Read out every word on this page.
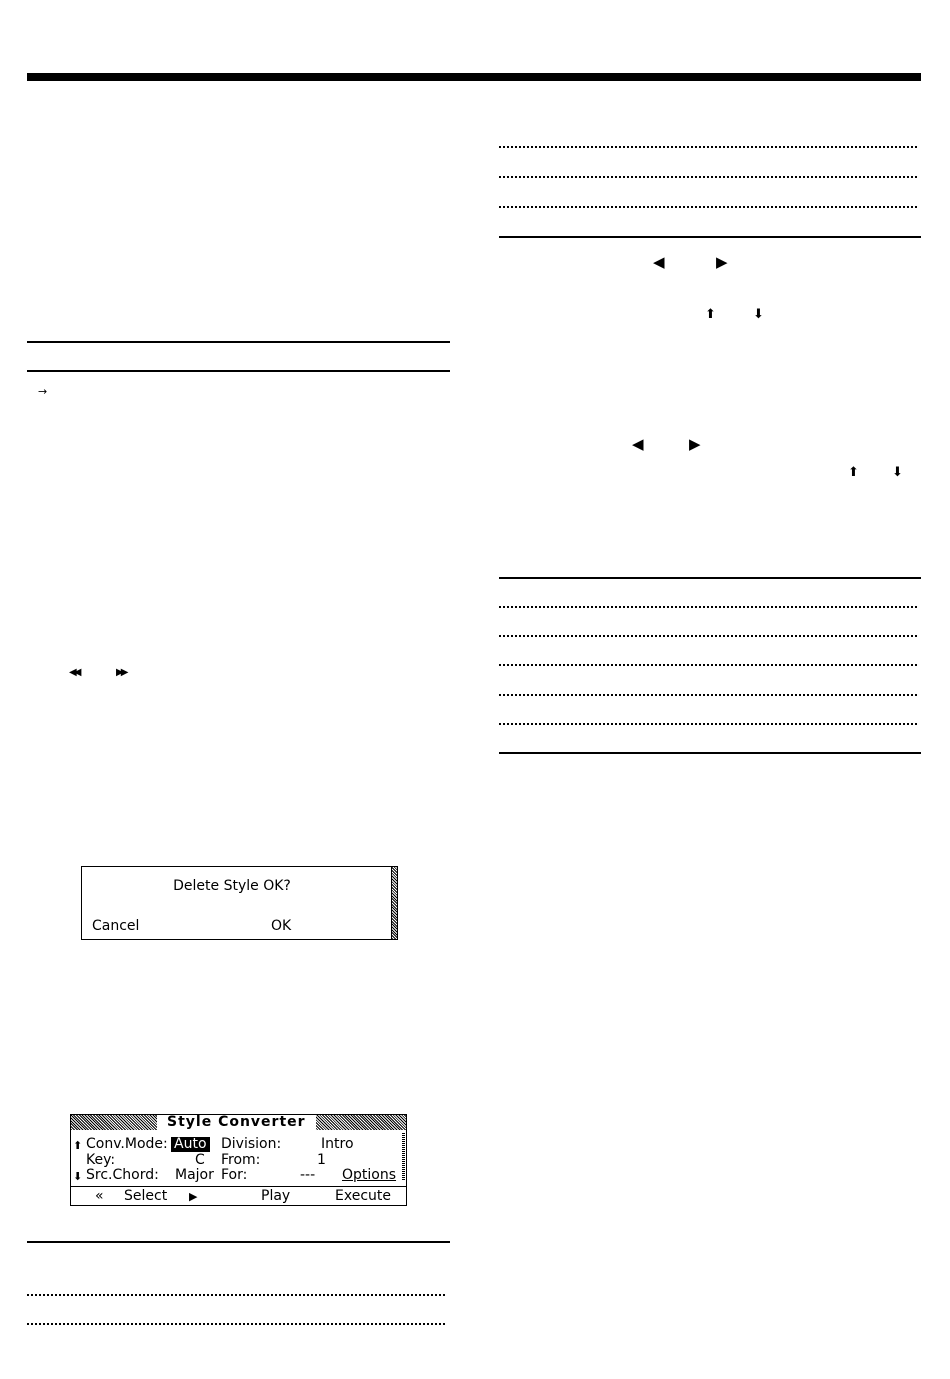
→
◀◀	▶▶
Delete Style OK?
Cancel	OK
Style Converter
⬆ Conv.Mode: Auto Division:	Intro
Key:	C From:	1
⬇ Src.Chord: Major For:	--- Options
« Select ▶	Play	Execute
◀	▶
⬆	⬇
◀	▶
⬆	⬇
